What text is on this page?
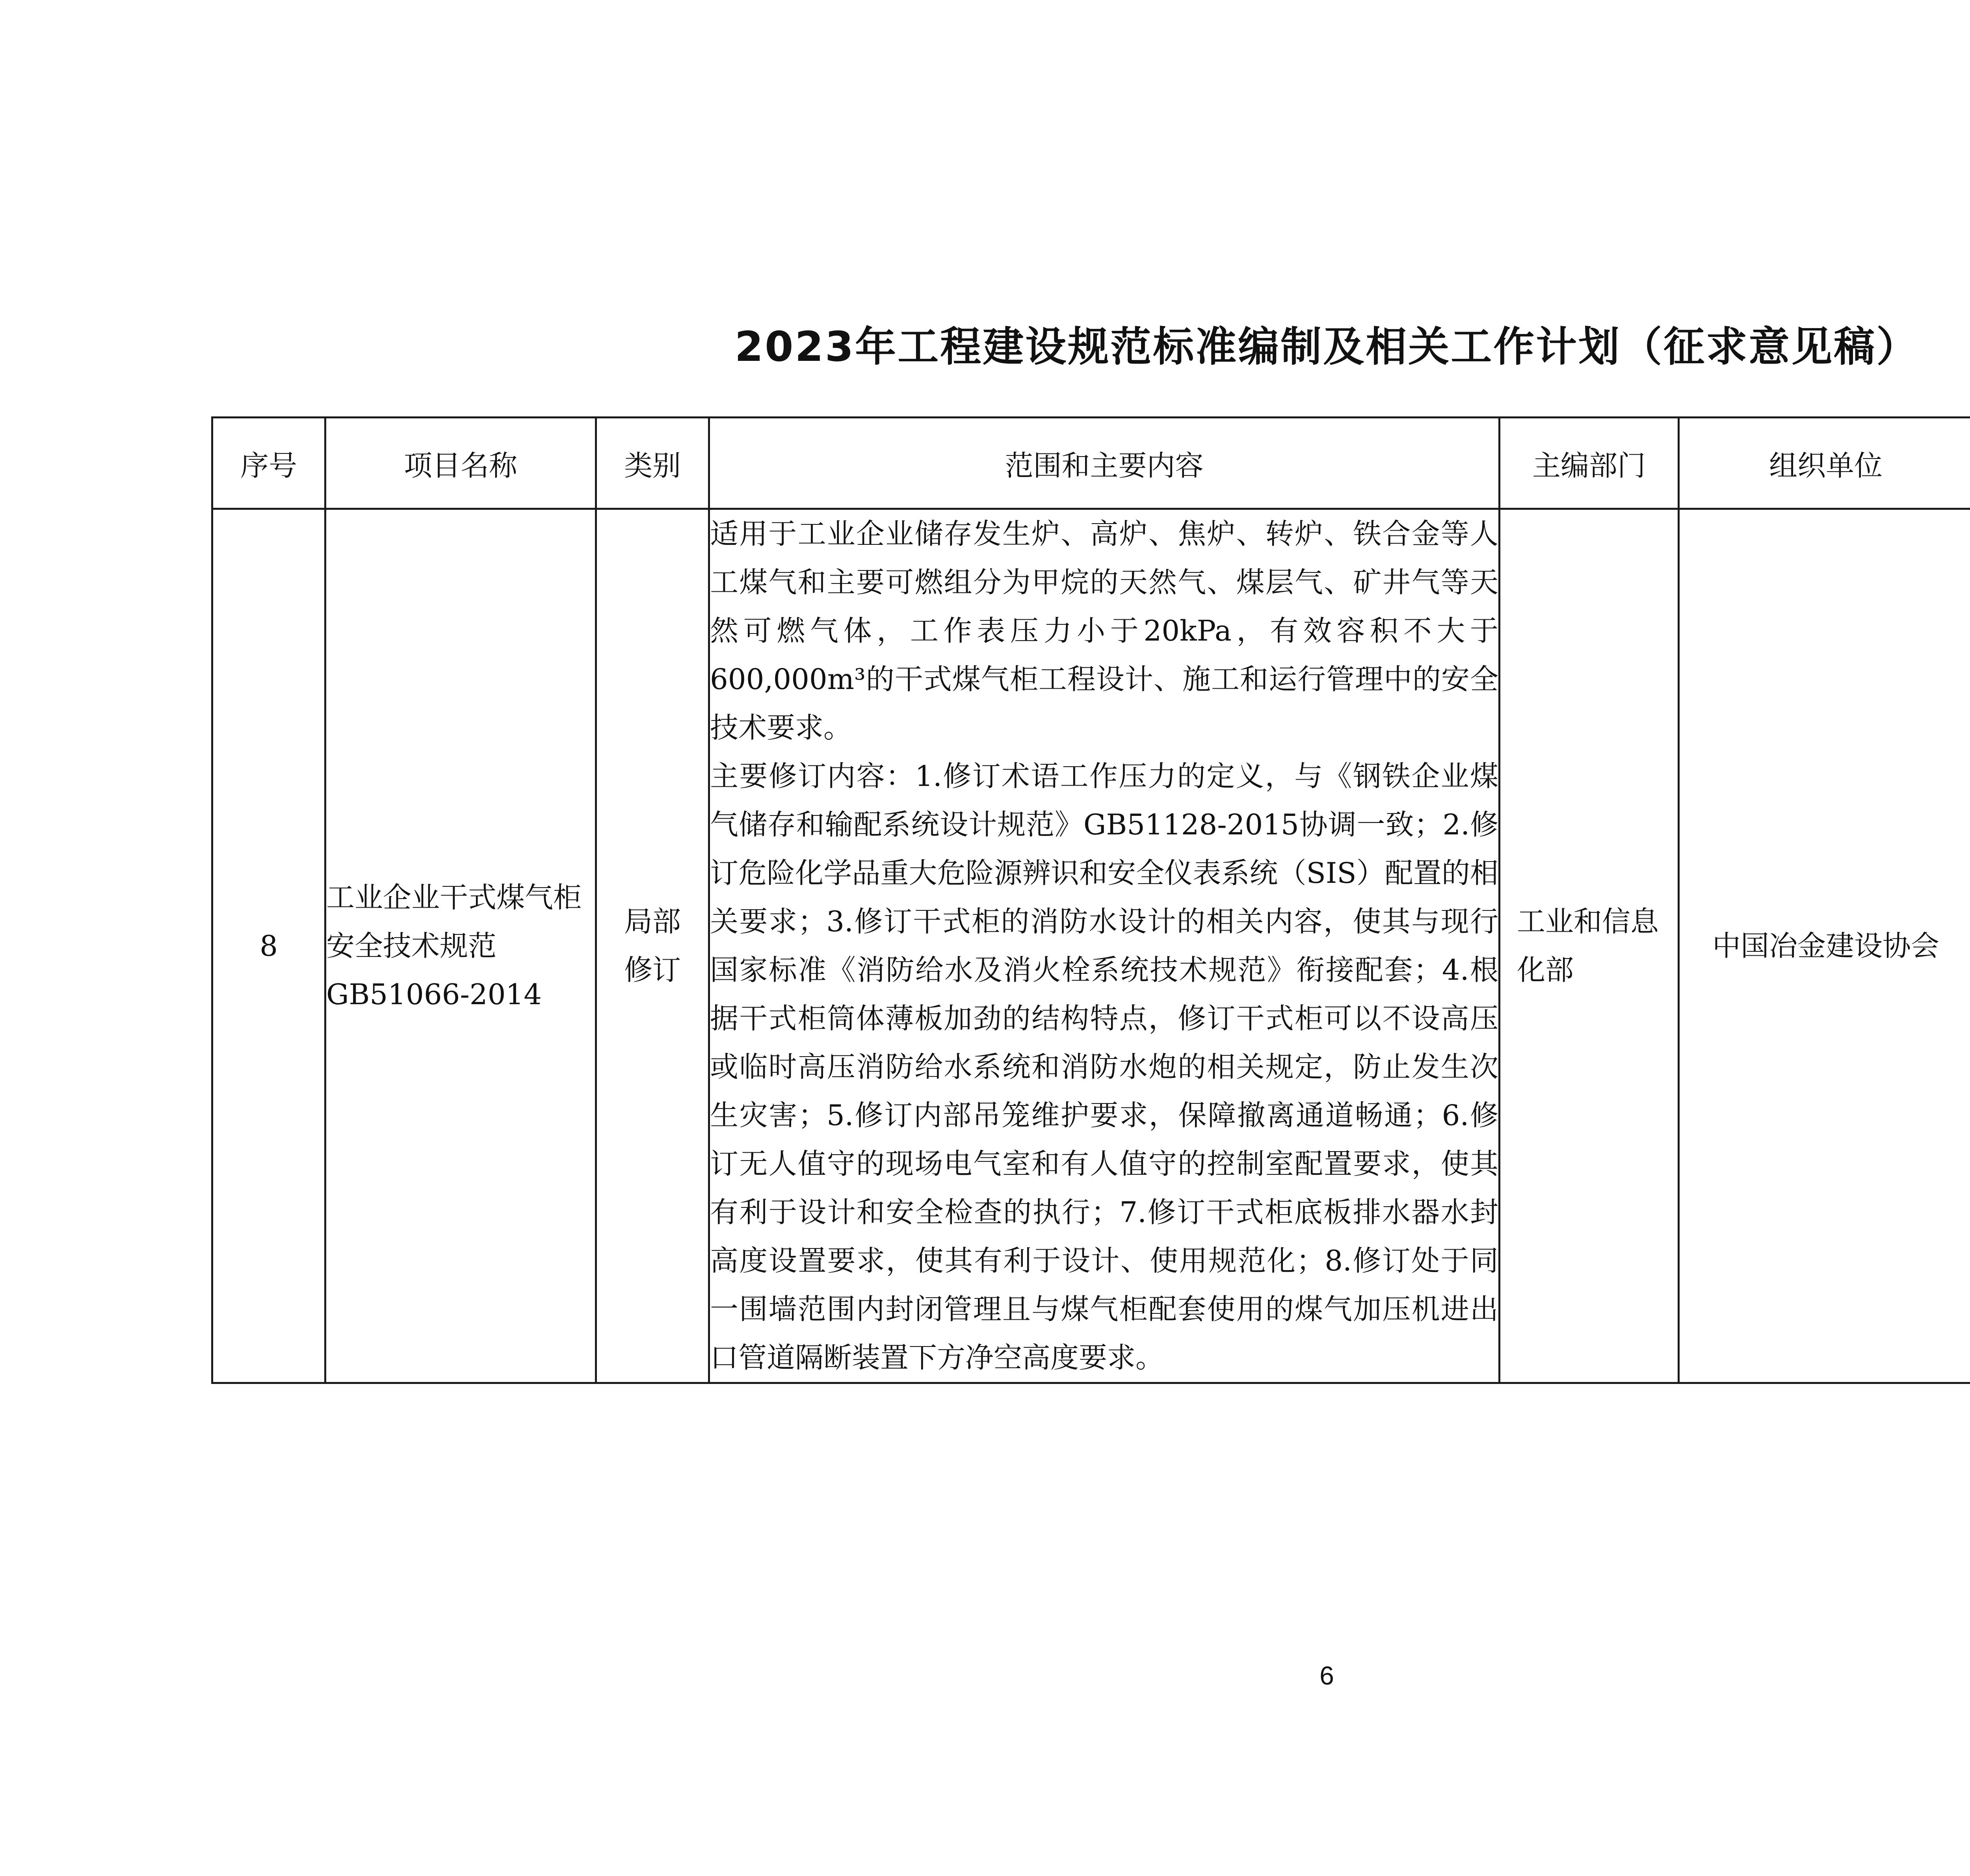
2023年工程建设规范标准编制及相关工作计划（征求意见稿）
序号	项目名称	类别	范围和主要内容	主编部门	组织单位		
8	工业企业干式煤气柜安全技术规范GB51066-2014	局部修订	适用于工业企业储存发生炉、高炉、焦炉、转炉、铁合金等人工煤气和主要可燃组分为甲烷的天然气、煤层气、矿井气等天然可燃气体，工作表压力小于20kPa，有效容积不大于600,000m³的干式煤气柜工程设计、施工和运行管理中的安全技术要求。
主要修订内容：1.修订术语工作压力的定义，与《钢铁企业煤气储存和输配系统设计规范》GB51128-2015协调一致；2.修订危险化学品重大危险源辨识和安全仪表系统（SIS）配置的相关要求；3.修订干式柜的消防水设计的相关内容，使其与现行国家标准《消防给水及消火栓系统技术规范》衔接配套；4.根据干式柜筒体薄板加劲的结构特点，修订干式柜可以不设高压或临时高压消防给水系统和消防水炮的相关规定，防止发生次生灾害；5.修订内部吊笼维护要求，保障撤离通道畅通；6.修订无人值守的现场电气室和有人值守的控制室配置要求，使其有利于设计和安全检查的执行；7.修订干式柜底板排水器水封高度设置要求，使其有利于设计、使用规范化；8.修订处于同一围墙范围内封闭管理且与煤气柜配套使用的煤气加压机进出口管道隔断装置下方净空高度要求。	工业和信息化部	中国冶金建设协会		
6
